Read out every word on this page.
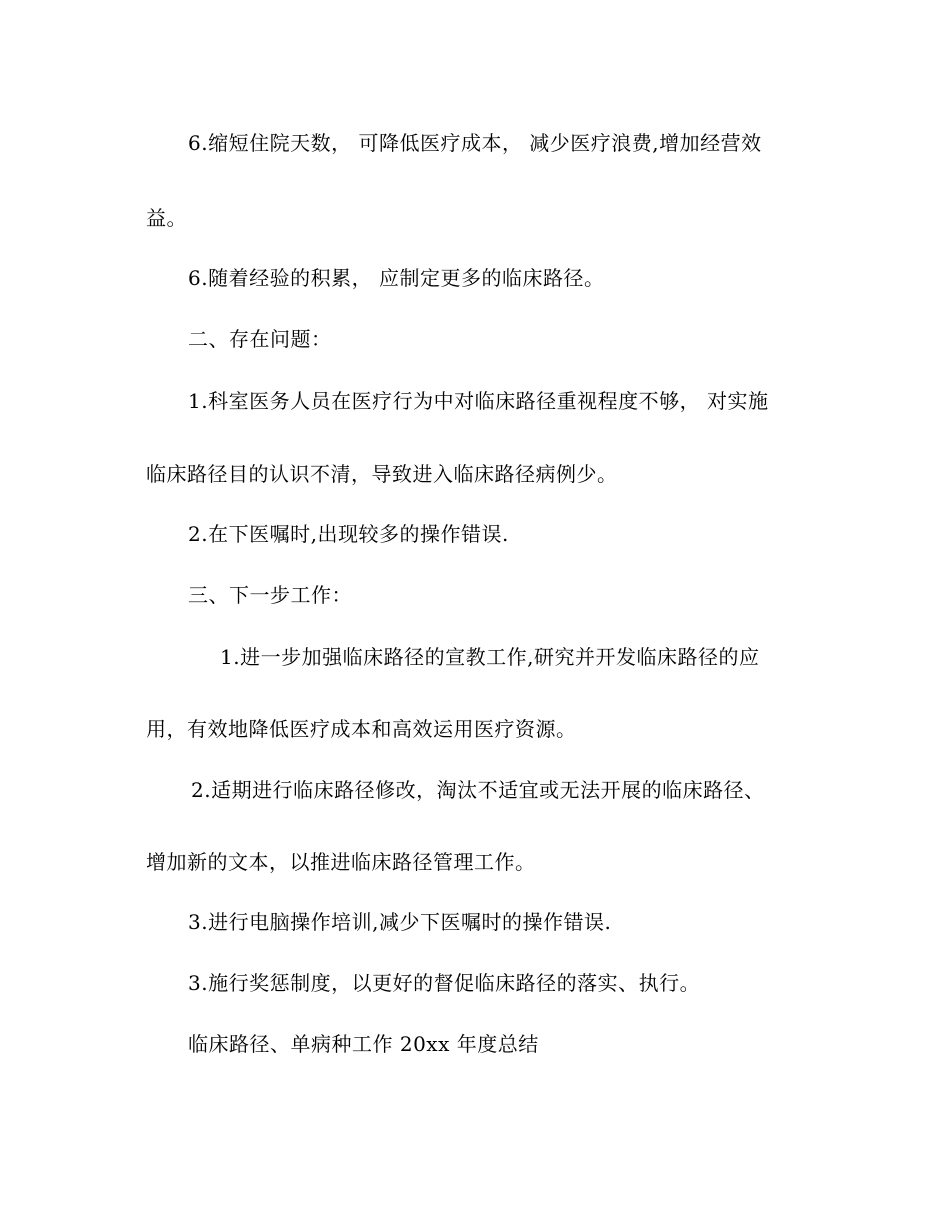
6.缩短住院天数， 可降低医疗成本， 减少医疗浪费,增加经营效
益。
6.随着经验的积累， 应制定更多的临床路径。
二、存在问题：
1.科室医务人员在医疗行为中对临床路径重视程度不够， 对实施
临床路径目的认识不清，导致进入临床路径病例少。
2.在下医嘱时,出现较多的操作错误.
三、下一步工作：
1.进一步加强临床路径的宣教工作,研究并开发临床路径的应
用，有效地降低医疗成本和高效运用医疗资源。
2.适期进行临床路径修改，淘汰不适宜或无法开展的临床路径、
增加新的文本，以推进临床路径管理工作。
3.进行电脑操作培训,减少下医嘱时的操作错误.
3.施行奖惩制度，以更好的督促临床路径的落实、执行。
临床路径、单病种工作 20xx 年度总结
